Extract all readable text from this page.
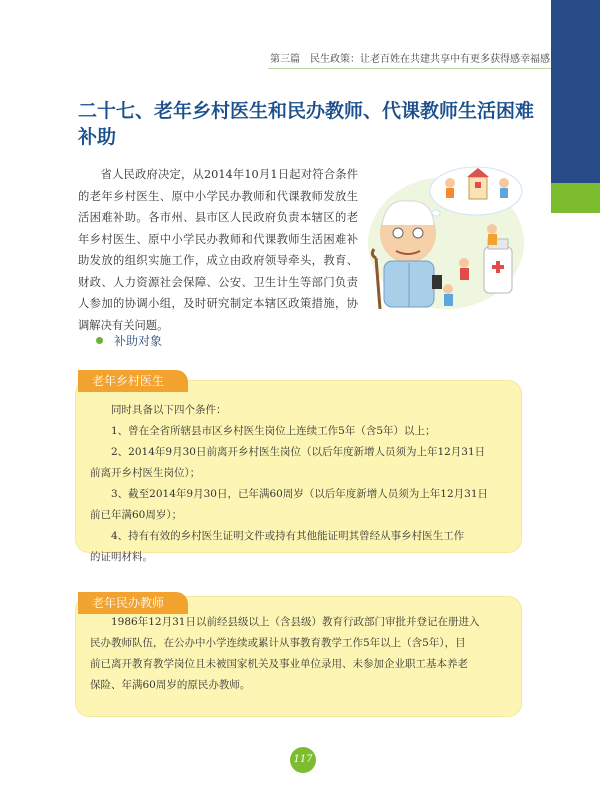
第三篇　民生政策：让老百姓在共建共享中有更多获得感幸福感
二十七、老年乡村医生和民办教师、代课教师生活困难补助

省人民政府决定，从2014年10月1日起对符合条件的老年乡村医生、原中小学民办教师和代课教师发放生活困难补助。各市州、县市区人民政府负责本辖区的老年乡村医生、原中小学民办教师和代课教师生活困难补助发放的组织实施工作，成立由政府领导牵头，教育、财政、人力资源社会保障、公安、卫生计生等部门负责人参加的协调小组，及时研究制定本辖区政策措施，协调解决有关问题。

补助对象
老年乡村医生

同时具备以下四个条件：

1、曾在全省所辖县市区乡村医生岗位上连续工作5年（含5年）以上；

2、2014年9月30日前离开乡村医生岗位（以后年度新增人员须为上年12月31日

前离开乡村医生岗位）；

3、截至2014年9月30日，已年满60周岁（以后年度新增人员须为上年12月31日

前已年满60周岁）；

4、持有有效的乡村医生证明文件或持有其他能证明其曾经从事乡村医生工作

的证明材料。

老年民办教师

1986年12月31日以前经县级以上（含县级）教育行政部门审批并登记在册进入

民办教师队伍，在公办中小学连续或累计从事教育教学工作5年以上（含5年），目

前已离开教育教学岗位且未被国家机关及事业单位录用、未参加企业职工基本养老

保险、年满60周岁的原民办教师。

117
